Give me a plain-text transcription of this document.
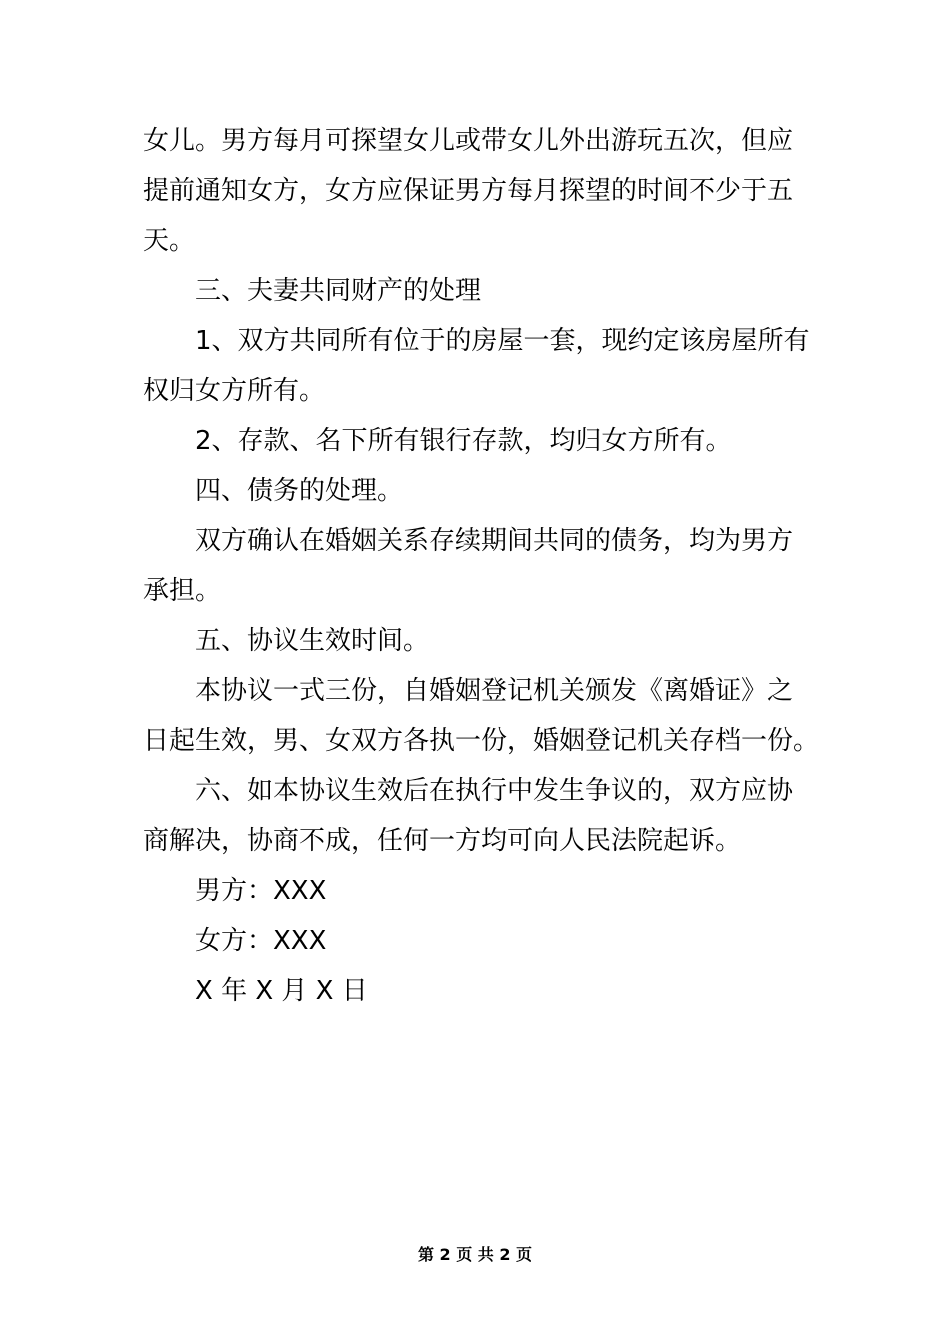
女儿。男方每月可探望女儿或带女儿外出游玩五次，但应
提前通知女方，女方应保证男方每月探望的时间不少于五
天。
三、夫妻共同财产的处理
1、双方共同所有位于的房屋一套，现约定该房屋所有
权归女方所有。
2、存款、名下所有银行存款，均归女方所有。
四、债务的处理。
双方确认在婚姻关系存续期间共同的债务，均为男方
承担。
五、协议生效时间。
本协议一式三份，自婚姻登记机关颁发《离婚证》之
日起生效，男、女双方各执一份，婚姻登记机关存档一份。
六、如本协议生效后在执行中发生争议的，双方应协
商解决，协商不成，任何一方均可向人民法院起诉。
男方：XXX
女方：XXX
X 年 X 月 X 日
第 2 页 共 2 页
